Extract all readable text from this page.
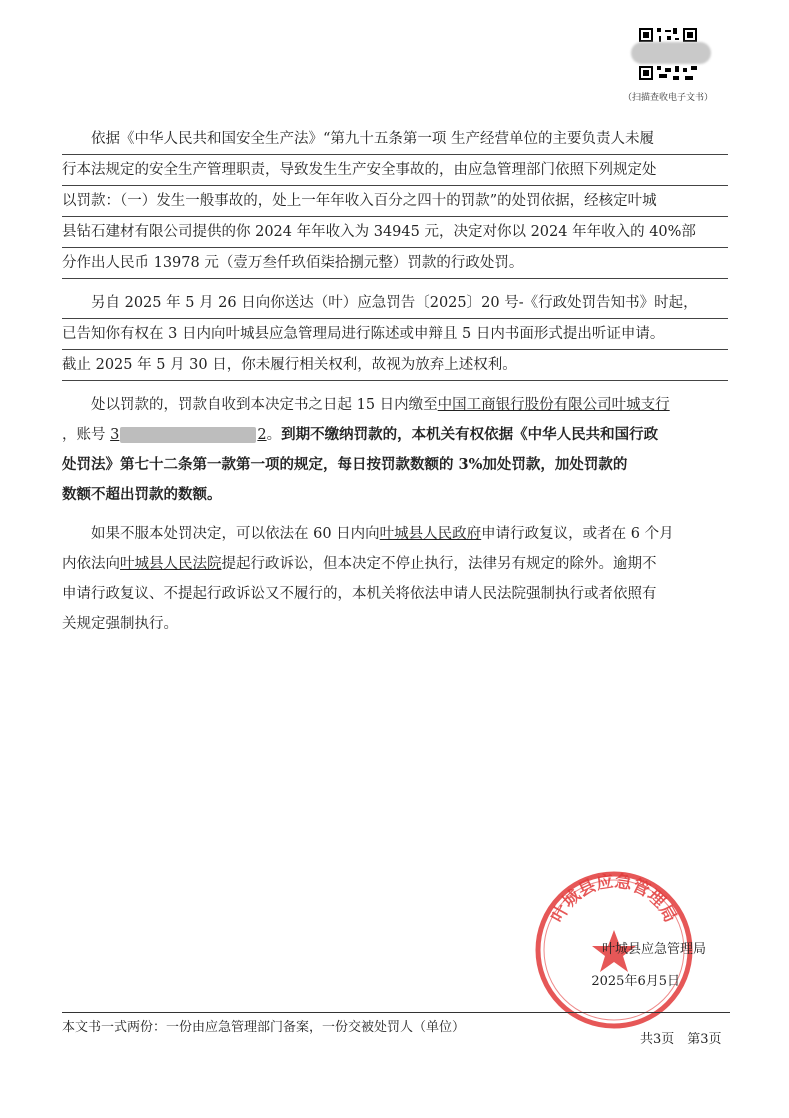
（扫描查收电子文书）
依据《中华人民共和国安全生产法》“第九十五条第一项 生产经营单位的主要负责人未履
行本法规定的安全生产管理职责，导致发生生产安全事故的，由应急管理部门依照下列规定处
以罚款：（一）发生一般事故的，处上一年年收入百分之四十的罚款”的处罚依据，经核定叶城
县钻石建材有限公司提供的你 2024 年年收入为 34945 元，决定对你以 2024 年年收入的 40%部
分作出人民币 13978 元（壹万叁仟玖佰柒拾捌元整）罚款的行政处罚。
另自 2025 年 5 月 26 日向你送达（叶）应急罚告〔2025〕20 号-《行政处罚告知书》时起，
已告知你有权在 3 日内向叶城县应急管理局进行陈述或申辩且 5 日内书面形式提出听证申请。
截止 2025 年 5 月 30 日，你未履行相关权利，故视为放弃上述权利。
处以罚款的，罚款自收到本决定书之日起 15 日内缴至中国工商银行股份有限公司叶城支行
，账号 3	2。到期不缴纳罚款的，本机关有权依据《中华人民共和国行政
处罚法》第七十二条第一款第一项的规定，每日按罚款数额的 3%加处罚款，加处罚款的
数额不超出罚款的数额。
如果不服本处罚决定，可以依法在 60 日内向叶城县人民政府申请行政复议，或者在 6 个月
内依法向叶城县人民法院提起行政诉讼，但本决定不停止执行，法律另有规定的除外。逾期不
申请行政复议、不提起行政诉讼又不履行的，本机关将依法申请人民法院强制执行或者依照有
关规定强制执行。
叶城县应急管理局
叶城县应急管理局
2025年6月5日
本文书一式两份：一份由应急管理部门备案，一份交被处罚人（单位）
共3页　第3页
